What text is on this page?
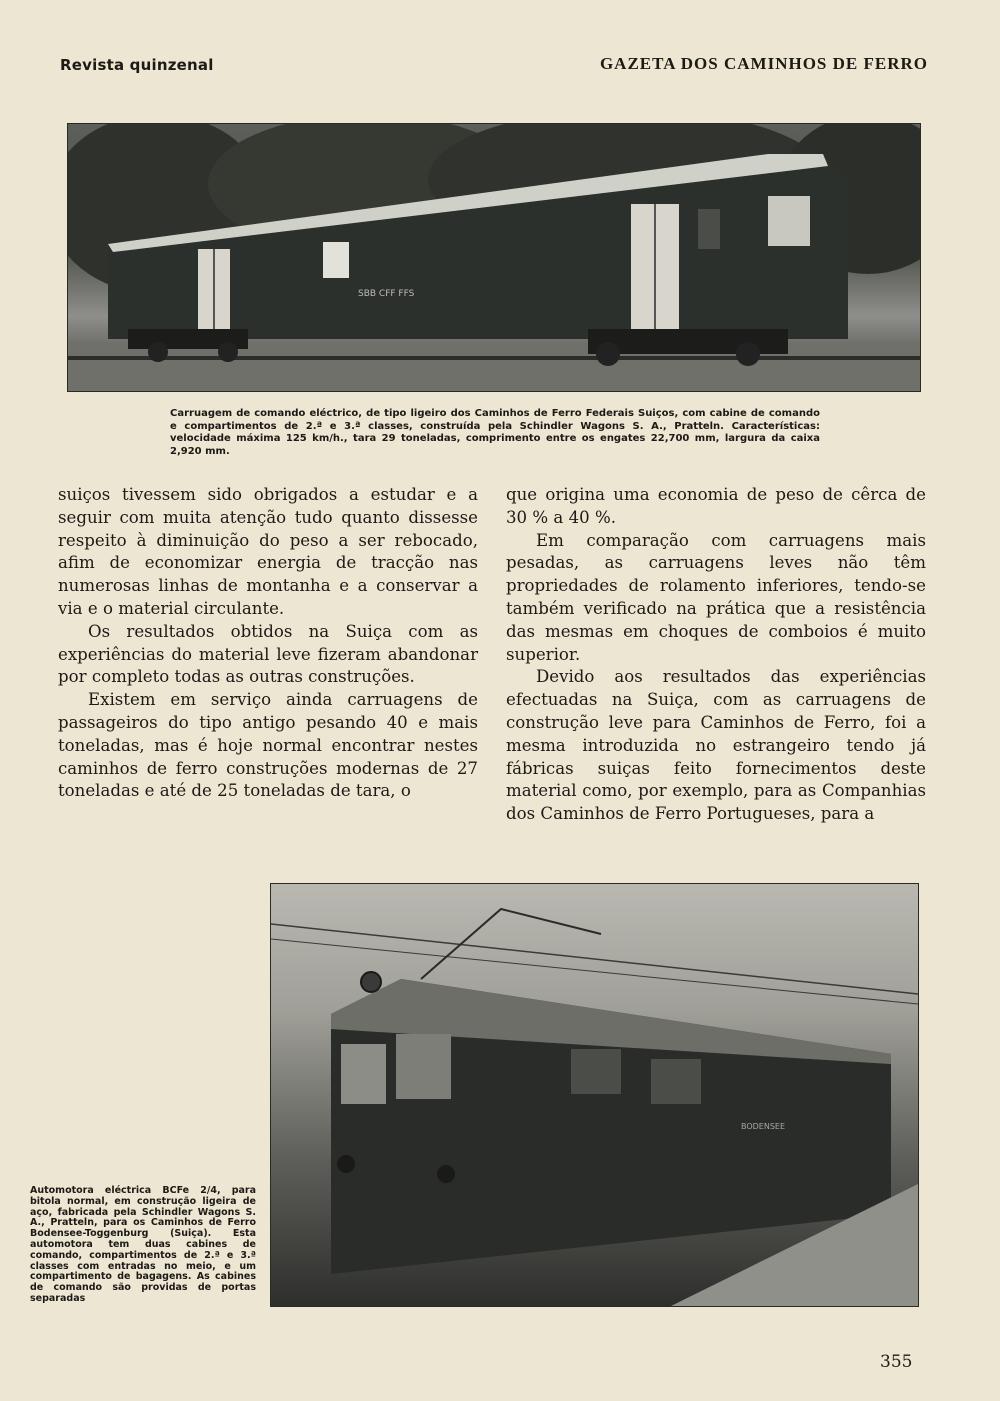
Revista quinzenal	GAZETA DOS CAMINHOS DE FERRO
SBB CFF FFS
Carruagem de comando eléctrico, de tipo ligeiro dos Caminhos de Ferro Federais Suiços, com cabine de comando e compartimentos de 2.ª e 3.ª classes, construída pela Schindler Wagons S. A., Pratteln. Características: velocidade máxima 125 km/h., tara 29 toneladas, comprimento entre os engates 22,700 mm, largura da caixa 2,920 mm.

suiços tivessem sido obrigados a estudar e a seguir com muita atenção tudo quanto dissesse respeito à diminuição do peso a ser rebocado, afim de economizar energia de tracção nas numerosas linhas de montanha e a conservar a via e o material circulante.

Os resultados obtidos na Suiça com as experiências do material leve fizeram abandonar por completo todas as outras construções.

Existem em serviço ainda carruagens de passageiros do tipo antigo pesando 40 e mais toneladas, mas é hoje normal encontrar nestes caminhos de ferro construções modernas de 27 toneladas e até de 25 toneladas de tara, o

que origina uma economia de peso de cêrca de 30 % a 40 %.

Em comparação com carruagens mais pesadas, as carruagens leves não têm propriedades de rolamento inferiores, tendo-se também verificado na prática que a resistência das mesmas em choques de comboios é muito superior.

Devido aos resultados das experiências efectuadas na Suiça, com as carruagens de construção leve para Caminhos de Ferro, foi a mesma introduzida no estrangeiro tendo já fábricas suiças feito fornecimentos deste material como, por exemplo, para as Companhias dos Caminhos de Ferro Portugueses, para a

BODENSEE
Automotora eléctrica BCFe 2/4, para bitola normal, em construção ligeira de aço, fabricada pela Schindler Wagons S. A., Pratteln, para os Caminhos de Ferro Bodensee-Toggenburg (Suiça). Esta automotora tem duas cabines de comando, compartimentos de 2.ª e 3.ª classes com entradas no meio, e um compartimento de bagagens. As cabines de comando são providas de portas separadas
355
